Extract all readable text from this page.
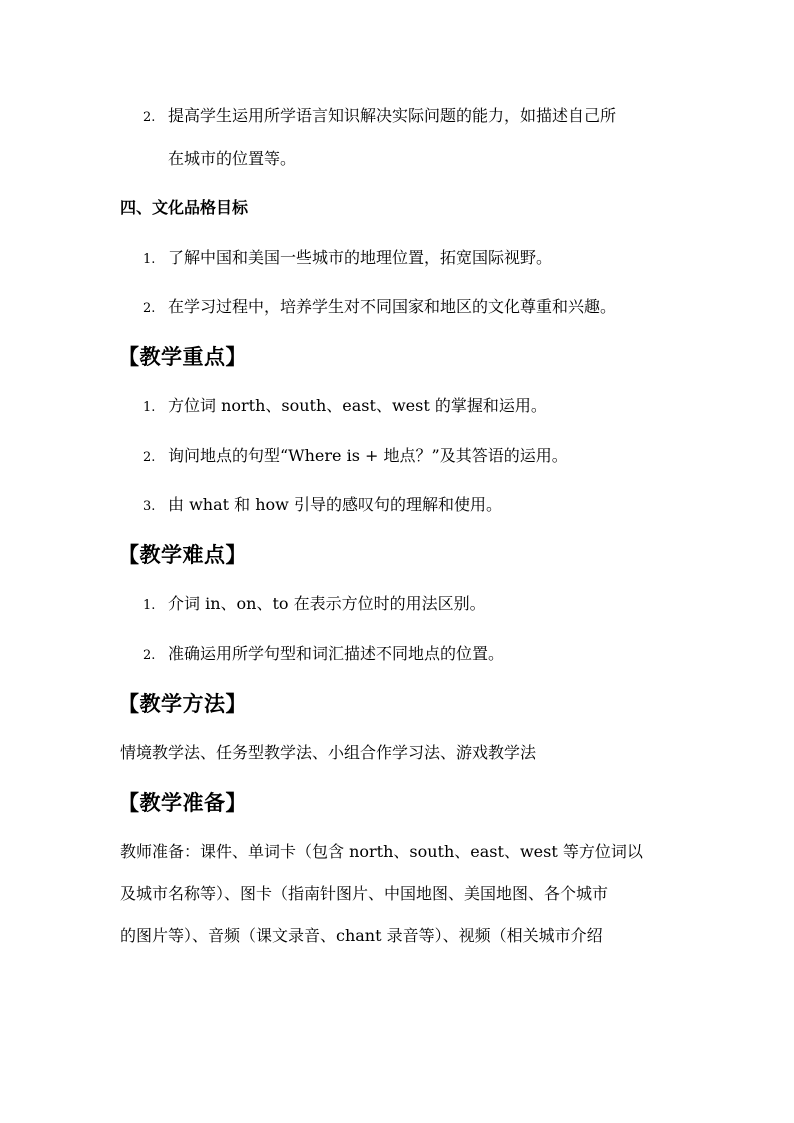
2. 提高学生运用所学语言知识解决实际问题的能力，如描述自己所
在城市的位置等。
四、文化品格目标
1. 了解中国和美国一些城市的地理位置，拓宽国际视野。
2. 在学习过程中，培养学生对不同国家和地区的文化尊重和兴趣。
【教学重点】
1. 方位词 north、south、east、west 的掌握和运用。
2. 询问地点的句型“Where is + 地点？”及其答语的运用。
3. 由 what 和 how 引导的感叹句的理解和使用。
【教学难点】
1. 介词 in、on、to 在表示方位时的用法区别。
2. 准确运用所学句型和词汇描述不同地点的位置。
【教学方法】
情境教学法、任务型教学法、小组合作学习法、游戏教学法
【教学准备】
教师准备：课件、单词卡（包含 north、south、east、west 等方位词以
及城市名称等）、图卡（指南针图片、中国地图、美国地图、各个城市
的图片等）、音频（课文录音、chant 录音等）、视频（相关城市介绍
